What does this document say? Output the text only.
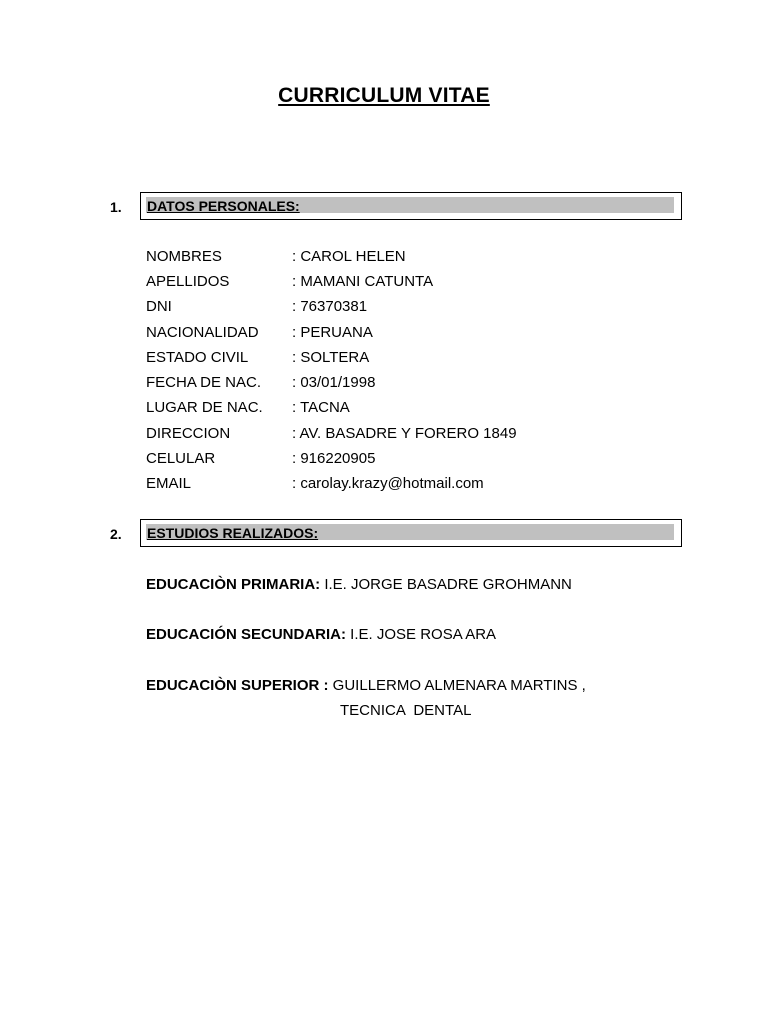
CURRICULUM VITAE
1. DATOS PERSONALES:
NOMBRES	: CAROL HELEN
APELLIDOS	: MAMANI CATUNTA
DNI	: 76370381
NACIONALIDAD : PERUANA
ESTADO CIVIL	: SOLTERA
FECHA DE NAC. : 03/01/1998
LUGAR DE NAC. : TACNA
DIRECCION	: AV. BASADRE Y FORERO 1849
CELULAR	: 916220905
EMAIL	: carolay.krazy@hotmail.com
2. ESTUDIOS REALIZADOS:
EDUCACIÒN PRIMARIA: I.E. JORGE BASADRE GROHMANN
EDUCACIÓN SECUNDARIA: I.E. JOSE ROSA ARA
EDUCACIÒN SUPERIOR : GUILLERMO ALMENARA MARTINS ,
TECNICA  DENTAL
